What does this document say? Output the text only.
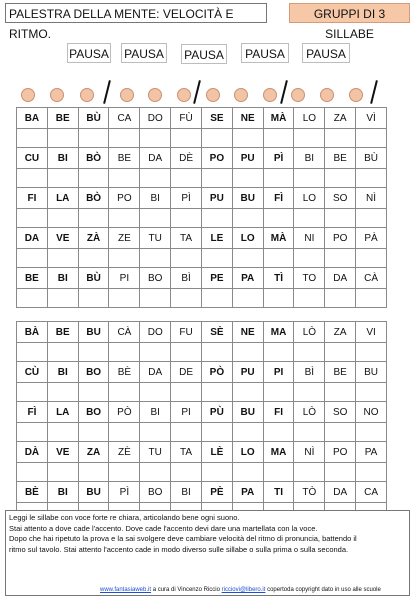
PALESTRA DELLA MENTE: VELOCITÀ E RITMO.
GRUPPI DI 3 SILLABE
PAUSA PAUSA PAUSA	PAUSA	PAUSA
BA	BE	BÙ	CA	DO	FÙ	SE	NE	MÀ	LO	ZA	VÌ

CU	BI	BÒ	BE	DA	DÈ	PO	PU	PÌ	BI	BE	BÙ

FI	LA	BÒ	PO	BI	PÌ	PU	BU	FÌ	LO	SO	NÌ

DA	VE	ZÀ	ZE	TU	TA	LE	LO	MÀ	NI	PO	PÀ

BE	BI	BÙ	PI	BO	BÌ	PE	PA	TÌ	TO	DA	CÀ

BÀ	BE	BU	CÀ	DO	FU	SÈ	NE	MA	LÒ	ZA	VI

CÙ	BI	BO	BÈ	DA	DE	PÒ	PU	PI	BÌ	BE	BU

FÌ	LA	BO	PÒ	BI	PI	PÙ	BU	FI	LÒ	SO	NO

DÀ	VE	ZA	ZÈ	TU	TA	LÈ	LO	MA	NÌ	PO	PA

BÈ	BI	BU	PÌ	BO	BI	PÈ	PA	TI	TÒ	DA	CA

Leggi le sillabe con voce forte re chiara, articolando bene ogni suono.

Stai attento a dove cade l'accento. Dove cade l'accento devi dare una martellata con la voce.

Dopo che hai ripetuto la prova e la sai svolgere deve cambiare velocità del ritmo di pronuncia, battendo il

ritmo sul tavolo. Stai attento l'accento cade in modo diverso sulle sillabe o sulla prima o sulla seconda.

www.fantasiaweb.it a cura di Vincenzo Riccio ricciovi@libero.it copertoda copyright dato in uso alle scuole
